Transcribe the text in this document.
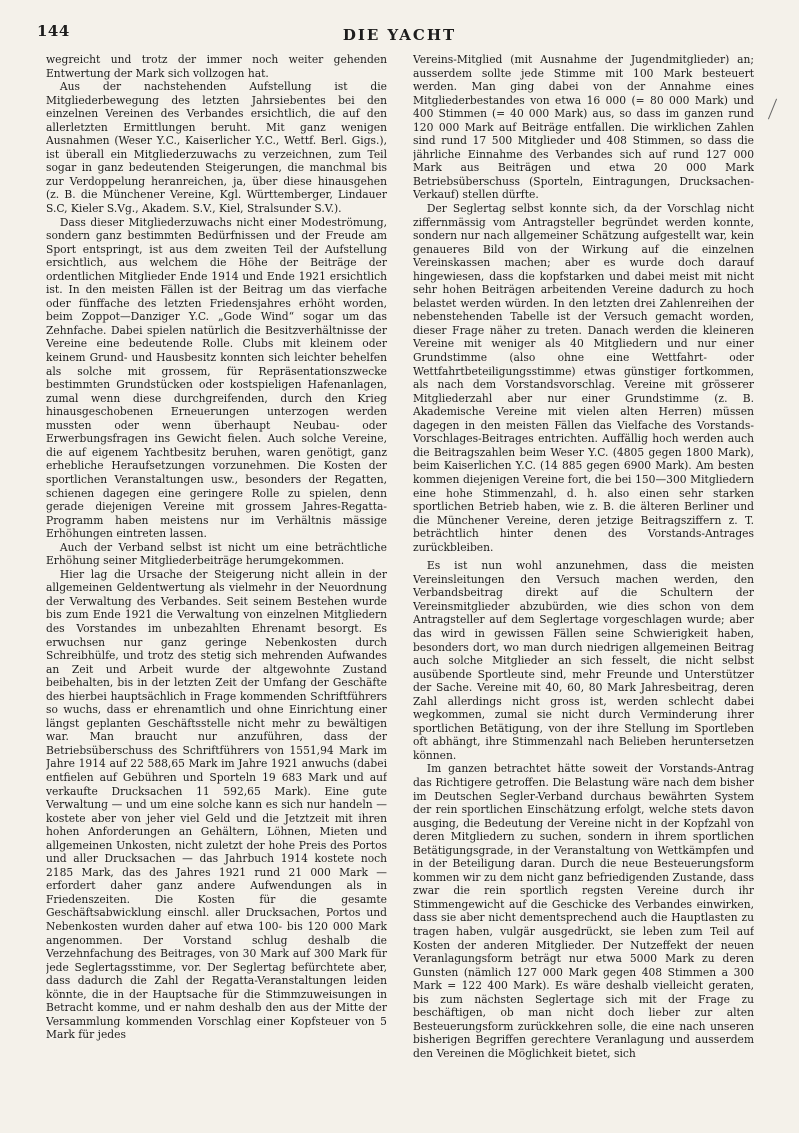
144	DIE YACHT

wegreicht und trotz der immer noch weiter gehenden Entwertung der Mark sich vollzogen hat.

Aus der nachstehenden Aufstellung ist die Mitgliederbewegung des letzten Jahrsiebentes bei den einzelnen Vereinen des Verbandes ersichtlich, die auf den allerletzten Ermittlungen beruht. Mit ganz wenigen Ausnahmen (Weser Y.C., Kaiserlicher Y.C., Wettf. Berl. Gigs.), ist überall ein Mitgliederzuwachs zu verzeichnen, zum Teil sogar in ganz bedeutenden Steigerungen, die manchmal bis zur Verdoppelung heranreichen, ja, über diese hinausgehen (z. B. die Münchener Vereine, Kgl. Württemberger, Lindauer S.C, Kieler S.Vg., Akadem. S.V., Kiel, Stralsunder S.V.).

Dass dieser Mitgliederzuwachs nicht einer Modeströmung, sondern ganz bestimmten Bedürfnissen und der Freude am Sport entspringt, ist aus dem zweiten Teil der Aufstellung ersichtlich, aus welchem die Höhe der Beiträge der ordentlichen Mitglieder Ende 1914 und Ende 1921 ersichtlich ist. In den meisten Fällen ist der Beitrag um das vierfache oder fünffache des letzten Friedensjahres erhöht worden, beim Zoppot—Danziger Y.C. „Gode Wind“ sogar um das Zehnfache. Dabei spielen natürlich die Besitzverhältnisse der Vereine eine bedeutende Rolle. Clubs mit kleinem oder keinem Grund- und Hausbesitz konnten sich leichter behelfen als solche mit grossem, für Repräsentationszwecke bestimmten Grundstücken oder kostspieligen Hafenanlagen, zumal wenn diese durchgreifenden, durch den Krieg hinausgeschobenen Erneuerungen unterzogen werden mussten oder wenn überhaupt Neubau- oder Erwerbungsfragen ins Gewicht fielen. Auch solche Vereine, die auf eigenem Yachtbesitz beruhen, waren genötigt, ganz erhebliche Heraufsetzungen vorzunehmen. Die Kosten der sportlichen Veranstaltungen usw., besonders der Regatten, schienen dagegen eine geringere Rolle zu spielen, denn gerade diejenigen Vereine mit grossem Jahres-Regatta-Programm haben meistens nur im Verhältnis mässige Erhöhungen eintreten lassen.

Auch der Verband selbst ist nicht um eine beträchtliche Erhöhung seiner Mitgliederbeiträge herumgekommen.

Hier lag die Ursache der Steigerung nicht allein in der allgemeinen Geldentwertung als vielmehr in der Neuordnung der Verwaltung des Verbandes. Seit seinem Bestehen wurde bis zum Ende 1921 die Verwaltung von einzelnen Mitgliedern des Vorstandes im unbezahlten Ehrenamt besorgt. Es erwuchsen nur ganz geringe Nebenkosten durch Schreibhülfe, und trotz des stetig sich mehrenden Aufwandes an Zeit und Arbeit wurde der altgewohnte Zustand beibehalten, bis in der letzten Zeit der Umfang der Geschäfte des hierbei hauptsächlich in Frage kommenden Schriftführers so wuchs, dass er ehrenamtlich und ohne Einrichtung einer längst geplanten Geschäftsstelle nicht mehr zu bewältigen war. Man braucht nur anzuführen, dass der Betriebsüberschuss des Schriftführers von 1551,94 Mark im Jahre 1914 auf 22 588,65 Mark im Jahre 1921 anwuchs (dabei entfielen auf Gebühren und Sporteln 19 683 Mark und auf verkaufte Drucksachen 11 592,65 Mark). Eine gute Verwaltung — und um eine solche kann es sich nur handeln — kostete aber von jeher viel Geld und die Jetztzeit mit ihren hohen Anforderungen an Gehältern, Löhnen, Mieten und allgemeinen Unkosten, nicht zuletzt der hohe Preis des Portos und aller Drucksachen — das Jahrbuch 1914 kostete noch 2185 Mark, das des Jahres 1921 rund 21 000 Mark — erfordert daher ganz andere Aufwendungen als in Friedenszeiten. Die Kosten für die gesamte Geschäftsabwicklung einschl. aller Drucksachen, Portos und Nebenkosten wurden daher auf etwa 100- bis 120 000 Mark angenommen. Der Vorstand schlug deshalb die Verzehnfachung des Beitrages, von 30 Mark auf 300 Mark für jede Seglertagsstimme, vor. Der Seglertag befürchtete aber, dass dadurch die Zahl der Regatta-Veranstaltungen leiden könnte, die in der Hauptsache für die Stimmzuweisungen in Betracht komme, und er nahm deshalb den aus der Mitte der Versammlung kommenden Vorschlag einer Kopfsteuer von 5 Mark für jedes

Vereins-Mitglied (mit Ausnahme der Jugendmitglieder) an; ausserdem sollte jede Stimme mit 100 Mark besteuert werden. Man ging dabei von der Annahme eines Mitgliederbestandes von etwa 16 000 (= 80 000 Mark) und 400 Stimmen (= 40 000 Mark) aus, so dass im ganzen rund 120 000 Mark auf Beiträge entfallen. Die wirklichen Zahlen sind rund 17 500 Mitglieder und 408 Stimmen, so dass die jährliche Einnahme des Verbandes sich auf rund 127 000 Mark aus Beiträgen und etwa 20 000 Mark Betriebsüberschuss (Sporteln, Eintragungen, Drucksachen-Verkauf) stellen dürfte.

Der Seglertag selbst konnte sich, da der Vorschlag nicht ziffernmässig vom Antragsteller begründet werden konnte, sondern nur nach allgemeiner Schätzung aufgestellt war, kein genaueres Bild von der Wirkung auf die einzelnen Vereinskassen machen; aber es wurde doch darauf hingewiesen, dass die kopfstarken und dabei meist mit nicht sehr hohen Beiträgen arbeitenden Vereine dadurch zu hoch belastet werden würden. In den letzten drei Zahlenreihen der nebenstehenden Tabelle ist der Versuch gemacht worden, dieser Frage näher zu treten. Danach werden die kleineren Vereine mit weniger als 40 Mitgliedern und nur einer Grundstimme (also ohne eine Wettfahrt- oder Wettfahrtbeteiligungsstimme) etwas günstiger fortkommen, als nach dem Vorstandsvorschlag. Vereine mit grösserer Mitgliederzahl aber nur einer Grundstimme (z. B. Akademische Vereine mit vielen alten Herren) müssen dagegen in den meisten Fällen das Vielfache des Vorstands-Vorschlages-Beitrages entrichten. Auffällig hoch werden auch die Beitragszahlen beim Weser Y.C. (4805 gegen 1800 Mark), beim Kaiserlichen Y.C. (14 885 gegen 6900 Mark). Am besten kommen diejenigen Vereine fort, die bei 150—300 Mitgliedern eine hohe Stimmenzahl, d. h. also einen sehr starken sportlichen Betrieb haben, wie z. B. die älteren Berliner und die Münchener Vereine, deren jetzige Beitragsziffern z. T. beträchtlich hinter denen des Vorstands-Antrages zurückbleiben.

Es ist nun wohl anzunehmen, dass die meisten Vereinsleitungen den Versuch machen werden, den Verbandsbeitrag direkt auf die Schultern der Vereinsmitglieder abzubürden, wie dies schon von dem Antragsteller auf dem Seglertage vorgeschlagen wurde; aber das wird in gewissen Fällen seine Schwierigkeit haben, besonders dort, wo man durch niedrigen allgemeinen Beitrag auch solche Mitglieder an sich fesselt, die nicht selbst ausübende Sportleute sind, mehr Freunde und Unterstützer der Sache. Vereine mit 40, 60, 80 Mark Jahresbeitrag, deren Zahl allerdings nicht gross ist, werden schlecht dabei wegkommen, zumal sie nicht durch Verminderung ihrer sportlichen Betätigung, von der ihre Stellung im Sportleben oft abhängt, ihre Stimmenzahl nach Belieben heruntersetzen können.

Im ganzen betrachtet hätte soweit der Vorstands-Antrag das Richtigere getroffen. Die Belastung wäre nach dem bisher im Deutschen Segler-Verband durchaus bewährten System der rein sportlichen Einschätzung erfolgt, welche stets davon ausging, die Bedeutung der Vereine nicht in der Kopfzahl von deren Mitgliedern zu suchen, sondern in ihrem sportlichen Betätigungsgrade, in der Veranstaltung von Wettkämpfen und in der Beteiligung daran. Durch die neue Besteuerungsform kommen wir zu dem nicht ganz befriedigenden Zustande, dass zwar die rein sportlich regsten Vereine durch ihr Stimmengewicht auf die Geschicke des Verbandes einwirken, dass sie aber nicht dementsprechend auch die Hauptlasten zu tragen haben, vulgär ausgedrückt, sie leben zum Teil auf Kosten der anderen Mitglieder. Der Nutzeffekt der neuen Veranlagungsform beträgt nur etwa 5000 Mark zu deren Gunsten (nämlich 127 000 Mark gegen 408 Stimmen a 300 Mark = 122 400 Mark). Es wäre deshalb vielleicht geraten, bis zum nächsten Seglertage sich mit der Frage zu beschäftigen, ob man nicht doch lieber zur alten Besteuerungsform zurückkehren solle, die eine nach unseren bisherigen Begriffen gerechtere Veranlagung und ausserdem den Vereinen die Möglichkeit bietet, sich
